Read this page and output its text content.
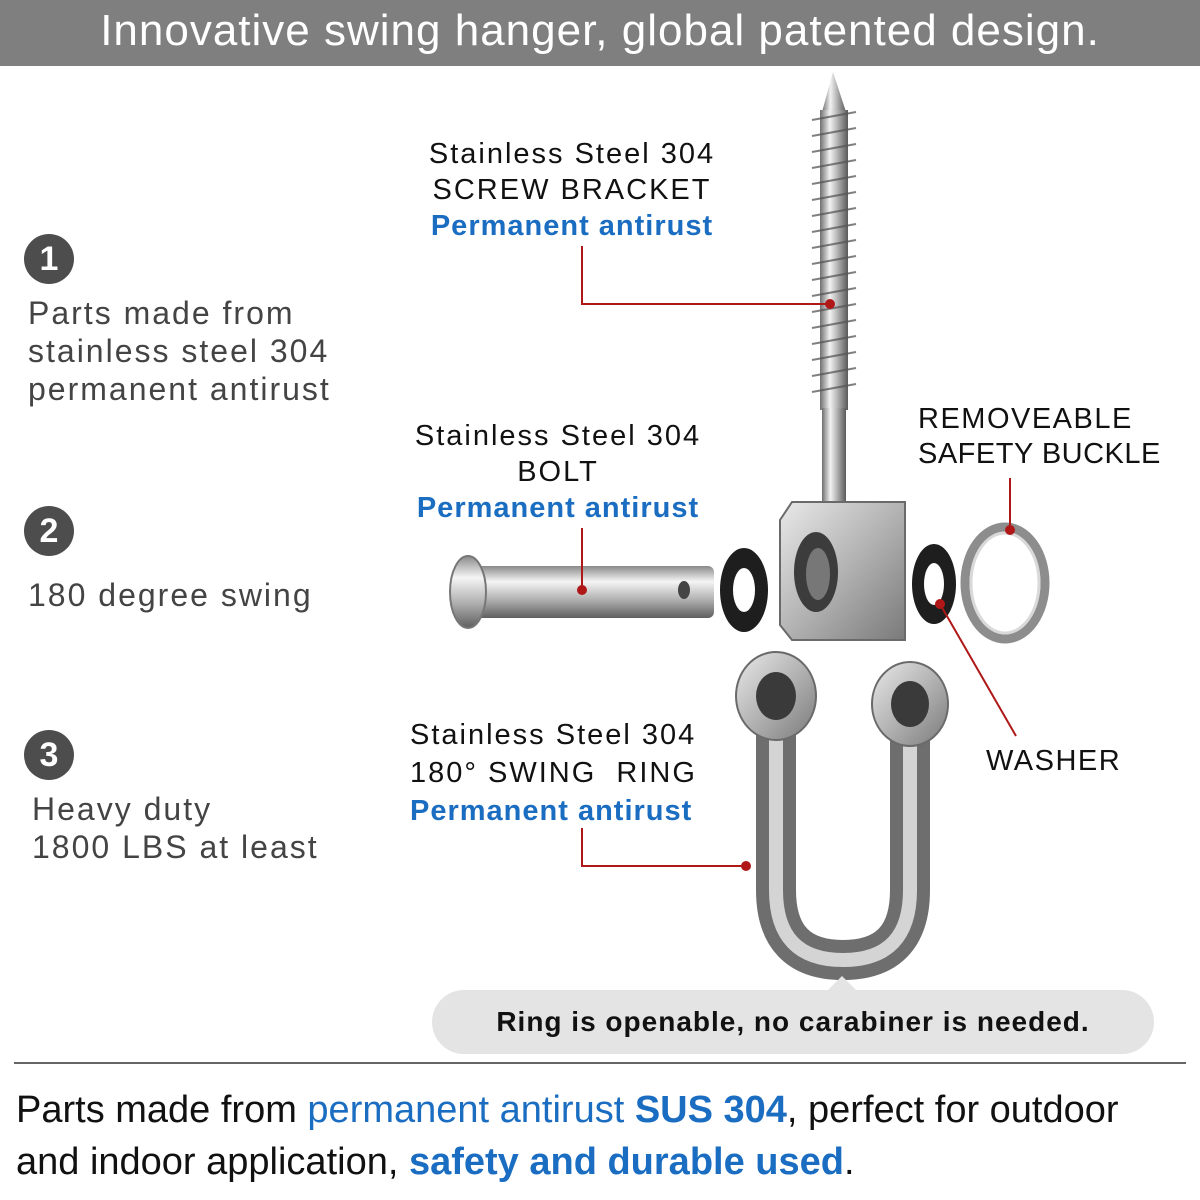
Innovative swing hanger, global patented design.
1
Parts made from
stainless steel 304
permanent antirust
2
180 degree swing
3
Heavy duty
1800 LBS at least
Stainless Steel 304
SCREW BRACKET
Permanent antirust
Stainless Steel 304
BOLT
Permanent antirust
Stainless Steel 304
180° SWING  RING
Permanent antirust
REMOVEABLE
SAFETY BUCKLE
WASHER
Ring is openable, no carabiner is needed.
Parts made from permanent antirust SUS 304, perfect for outdoor and indoor application, safety and durable used.
